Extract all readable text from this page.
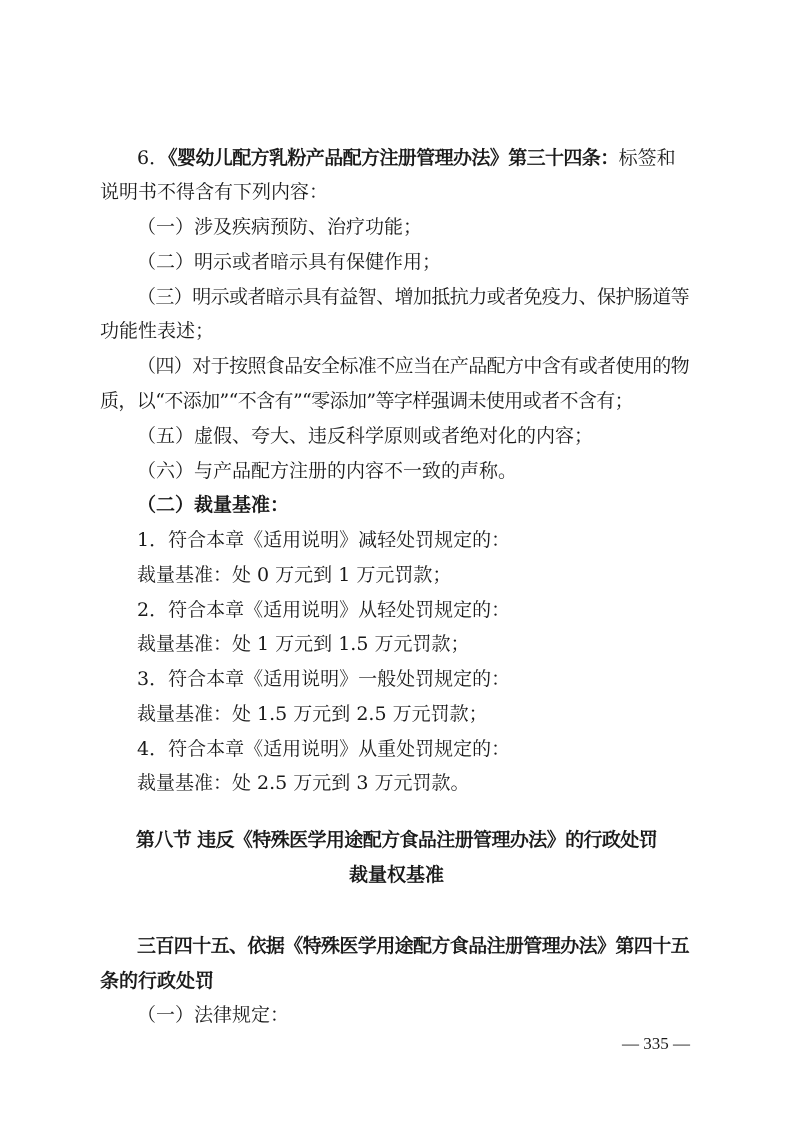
6．《婴幼儿配方乳粉产品配方注册管理办法》第三十四条：标签和
说明书不得含有下列内容：
（一）涉及疾病预防、治疗功能；
（二）明示或者暗示具有保健作用；
（三）明示或者暗示具有益智、增加抵抗力或者免疫力、保护肠道等
功能性表述；
（四）对于按照食品安全标准不应当在产品配方中含有或者使用的物
质，以“不添加”“不含有”“零添加”等字样强调未使用或者不含有；
（五）虚假、夸大、违反科学原则或者绝对化的内容；
（六）与产品配方注册的内容不一致的声称。
（二）裁量基准：
1．符合本章《适用说明》减轻处罚规定的：
裁量基准：处 0 万元到 1 万元罚款；
2．符合本章《适用说明》从轻处罚规定的：
裁量基准：处 1 万元到 1.5 万元罚款；
3．符合本章《适用说明》一般处罚规定的：
裁量基准：处 1.5 万元到 2.5 万元罚款；
4．符合本章《适用说明》从重处罚规定的：
裁量基准：处 2.5 万元到 3 万元罚款。
第八节 违反《特殊医学用途配方食品注册管理办法》的行政处罚
裁量权基准
三百四十五、依据《特殊医学用途配方食品注册管理办法》第四十五
条的行政处罚
（一）法律规定：
— 335 —
